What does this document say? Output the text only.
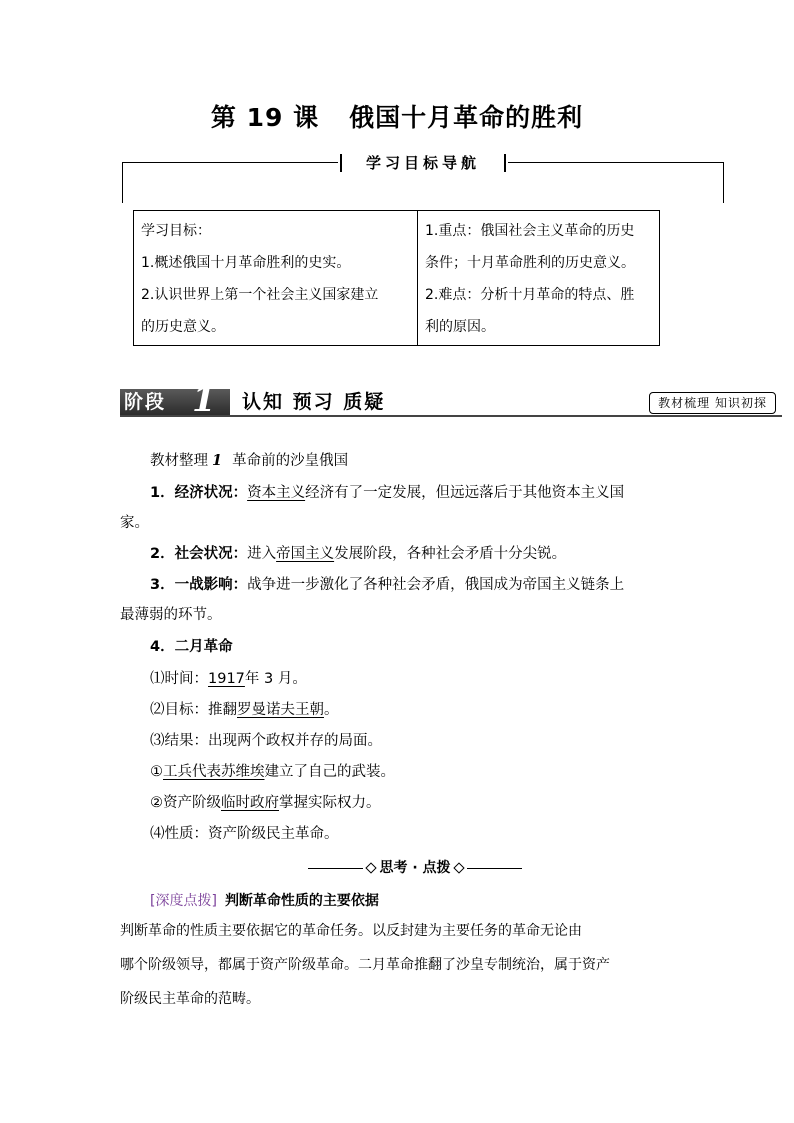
第 19 课 俄国十月革命的胜利
学习目标导航
学习目标：
1.概述俄国十月革命胜利的史实。
2.认识世界上第一个社会主义国家建立
的历史意义。
1.重点：俄国社会主义革命的历史
条件；十月革命胜利的历史意义。
2.难点：分析十月革命的特点、胜
利的原因。
阶段 1 认知 预习 质疑	教材梳理 知识初探
教材整理 1 革命前的沙皇俄国
1．经济状况：资本主义经济有了一定发展，但远远落后于其他资本主义国
家。
2．社会状况：进入帝国主义发展阶段，各种社会矛盾十分尖锐。
3．一战影响：战争进一步激化了各种社会矛盾，俄国成为帝国主义链条上
最薄弱的环节。
4．二月革命
⑴时间：1917年 3 月。
⑵目标：推翻罗曼诺夫王朝。
⑶结果：出现两个政权并存的局面。
①工兵代表苏维埃建立了自己的武装。
②资产阶级临时政府掌握实际权力。
⑷性质：资产阶级民主革命。
思考 · 点拨
[深度点拨] 判断革命性质的主要依据
判断革命的性质主要依据它的革命任务。以反封建为主要任务的革命无论由
哪个阶级领导，都属于资产阶级革命。二月革命推翻了沙皇专制统治，属于资产
阶级民主革命的范畴。
